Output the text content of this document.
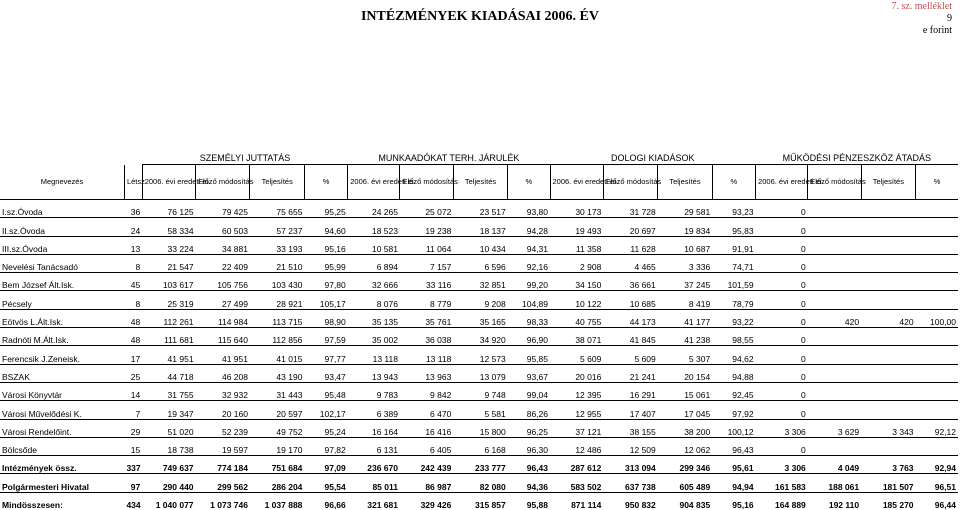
INTÉZMÉNYEK KIADÁSAI 2006. ÉV
7. sz. melléklet
9
e forint
		SZEMÉLYI JUTTATÁS				MUNKAADÓKAT TERH. JÁRULÉK				DOLOGI KIADÁSOK				MŰKÖDÉSI PÉNZESZKÖZ ÁTADÁS			
Megnevezés	Létsz	2006. évi eredeti ei.	Előző módosítás	Teljesítés	%	2006. évi eredeti ei.	Előző módosítás	Teljesítés	%	2006. évi eredeti ei.	Előző módosítás	Teljesítés	%	2006. évi eredeti ei.	Előző módosítás	Teljesítés	%
I.sz.Óvoda	36	76 125	79 425	75 655	95,25	24 265	25 072	23 517	93,80	30 173	31 728	29 581	93,23	0			
II.sz.Óvoda	24	58 334	60 503	57 237	94,60	18 523	19 238	18 137	94,28	19 493	20 697	19 834	95,83	0			
III.sz.Óvoda	13	33 224	34 881	33 193	95,16	10 581	11 064	10 434	94,31	11 358	11 628	10 687	91,91	0			
Nevelési Tanácsadó	8	21 547	22 409	21 510	95,99	6 894	7 157	6 596	92,16	2 908	4 465	3 336	74,71	0			
Bem József Ált.Isk.	45	103 617	105 756	103 430	97,80	32 666	33 116	32 851	99,20	34 150	36 661	37 245	101,59	0			
Pécsely	8	25 319	27 499	28 921	105,17	8 076	8 779	9 208	104,89	10 122	10 685	8 419	78,79	0			
Eötvös L.Ált.Isk.	48	112 261	114 984	113 715	98,90	35 135	35 761	35 165	98,33	40 755	44 173	41 177	93,22	0	420	420	100,00
Radnóti M.Ált.Isk.	48	111 681	115 640	112 856	97,59	35 002	36 038	34 920	96,90	38 071	41 845	41 238	98,55	0			
Ferencsik J.Zeneisk.	17	41 951	41 951	41 015	97,77	13 118	13 118	12 573	95,85	5 609	5 609	5 307	94,62	0			
BSZAK	25	44 718	46 208	43 190	93,47	13 943	13 963	13 079	93,67	20 016	21 241	20 154	94,88	0			
Városi Könyvtár	14	31 755	32 932	31 443	95,48	9 783	9 842	9 748	99,04	12 395	16 291	15 061	92,45	0			
Városi Művelődési K.	7	19 347	20 160	20 597	102,17	6 389	6 470	5 581	86,26	12 955	17 407	17 045	97,92	0			
Városi Rendelőint.	29	51 020	52 239	49 752	95,24	16 164	16 416	15 800	96,25	37 121	38 155	38 200	100,12	3 306	3 629	3 343	92,12
Bölcsőde	15	18 738	19 597	19 170	97,82	6 131	6 405	6 168	96,30	12 486	12 509	12 062	96,43	0			
Intézmények össz.	337	749 637	774 184	751 684	97,09	236 670	242 439	233 777	96,43	287 612	313 094	299 346	95,61	3 306	4 049	3 763	92,94
Polgármesteri Hivatal	97	290 440	299 562	286 204	95,54	85 011	86 987	82 080	94,36	583 502	637 738	605 489	94,94	161 583	188 061	181 507	96,51
Mindösszesen:	434	1 040 077	1 073 746	1 037 888	96,66	321 681	329 426	315 857	95,88	871 114	950 832	904 835	95,16	164 889	192 110	185 270	96,44
